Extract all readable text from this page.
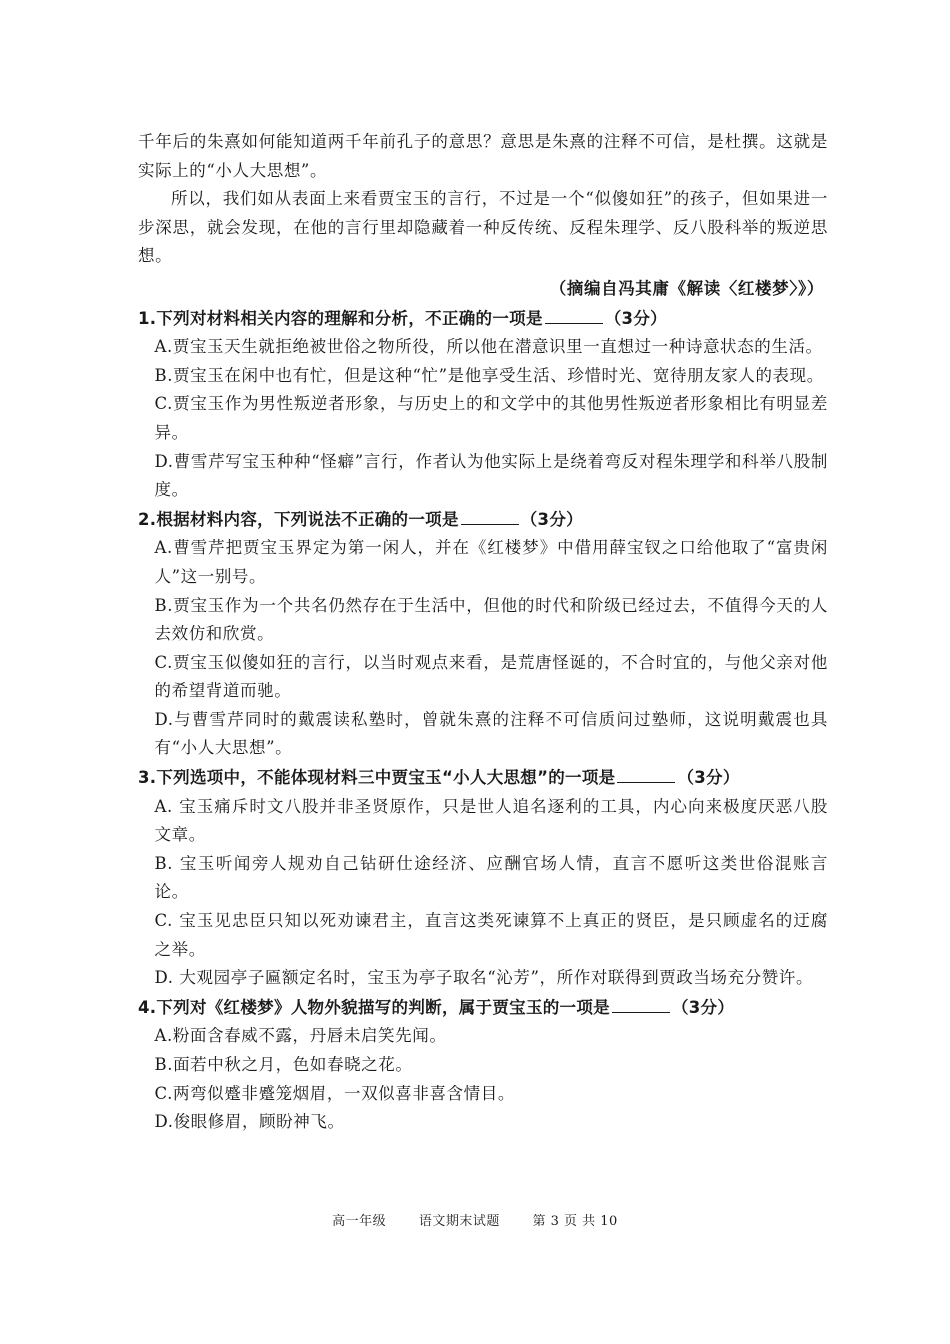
千年后的朱熹如何能知道两千年前孔子的意思？意思是朱熹的注释不可信，是杜撰。这就是实际上的“小人大思想”。

所以，我们如从表面上来看贾宝玉的言行，不过是一个“似傻如狂”的孩子，但如果进一步深思，就会发现，在他的言行里却隐藏着一种反传统、反程朱理学、反八股科举的叛逆思想。

（摘编自冯其庸《解读〈红楼梦〉》）

1.下列对材料相关内容的理解和分析，不正确的一项是	（3分）

A.贾宝玉天生就拒绝被世俗之物所役，所以他在潜意识里一直想过一种诗意状态的生活。

B.贾宝玉在闲中也有忙，但是这种“忙”是他享受生活、珍惜时光、宽待朋友家人的表现。

C.贾宝玉作为男性叛逆者形象，与历史上的和文学中的其他男性叛逆者形象相比有明显差异。

D.曹雪芹写宝玉种种“怪癖”言行，作者认为他实际上是绕着弯反对程朱理学和科举八股制度。

2.根据材料内容，下列说法不正确的一项是	（3分）

A.曹雪芹把贾宝玉界定为第一闲人，并在《红楼梦》中借用薛宝钗之口给他取了“富贵闲人”这一别号。

B.贾宝玉作为一个共名仍然存在于生活中，但他的时代和阶级已经过去，不值得今天的人去效仿和欣赏。

C.贾宝玉似傻如狂的言行，以当时观点来看，是荒唐怪诞的，不合时宜的，与他父亲对他的希望背道而驰。

D.与曹雪芹同时的戴震读私塾时，曾就朱熹的注释不可信质问过塾师，这说明戴震也具有“小人大思想”。

3.下列选项中，不能体现材料三中贾宝玉“小人大思想”的一项是	（3分）

A. 宝玉痛斥时文八股并非圣贤原作，只是世人追名逐利的工具，内心向来极度厌恶八股文章。

B. 宝玉听闻旁人规劝自己钻研仕途经济、应酬官场人情，直言不愿听这类世俗混账言论。

C. 宝玉见忠臣只知以死劝谏君主，直言这类死谏算不上真正的贤臣，是只顾虚名的迂腐之举。

D. 大观园亭子匾额定名时，宝玉为亭子取名“沁芳”，所作对联得到贾政当场充分赞许。

4.下列对《红楼梦》人物外貌描写的判断，属于贾宝玉的一项是	（3分）

A.粉面含春威不露，丹唇未启笑先闻。

B.面若中秋之月，色如春晓之花。

C.两弯似蹙非蹙笼烟眉，一双似喜非喜含情目。

D.俊眼修眉，顾盼神飞。

高一年级	语文期末试题	第 3 页 共 10
